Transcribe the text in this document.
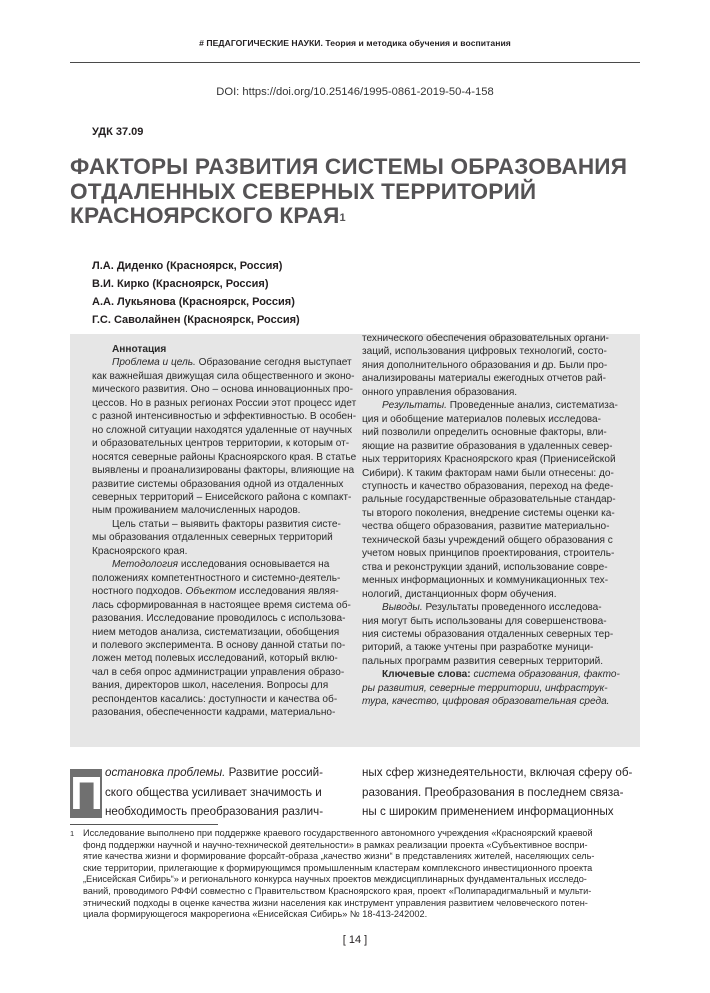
# ПЕДАГОГИЧЕСКИЕ НАУКИ. Теория и методика обучения и воспитания
DOI: https://doi.org/10.25146/1995-0861-2019-50-4-158
УДК 37.09
ФАКТОРЫ РАЗВИТИЯ СИСТЕМЫ ОБРАЗОВАНИЯ
ОТДАЛЕННЫХ СЕВЕРНЫХ ТЕРРИТОРИЙ
КРАСНОЯРСКОГО КРАЯ$^1$
Л.А. Диденко (Красноярск, Россия)
В.И. Кирко (Красноярск, Россия)
А.А. Лукьянова (Красноярск, Россия)
Г.С. Саволайнен (Красноярск, Россия)
Аннотация
Проблема и цель. Образование сегодня выступает
как важнейшая движущая сила общественного и эконо-
мического развития. Оно – основа инновационных про-
цессов. Но в разных регионах России этот процесс идет
с разной интенсивностью и эффективностью. В особен-
но сложной ситуации находятся удаленные от научных
и образовательных центров территории, к которым от-
носятся северные районы Красноярского края. В статье
выявлены и проанализированы факторы, влияющие на
развитие системы образования одной из отдаленных
северных территорий – Енисейского района с компакт-
ным проживанием малочисленных народов.
Цель статьи – выявить факторы развития систе-
мы образования отдаленных северных территорий
Красноярского края.
Методология исследования основывается на
положениях компетентностного и системно-деятель-
ностного подходов. Объектом исследования являя-
лась сформированная в настоящее время система об-
разования. Исследование проводилось с использова-
нием методов анализа, систематизации, обобщения
и полевого эксперимента. В основу данной статьи по-
ложен метод полевых исследований, который вклю-
чал в себя опрос администрации управления образо-
вания, директоров школ, населения. Вопросы для
респондентов касались: доступности и качества об-
разования, обеспеченности кадрами, материально-
технического обеспечения образовательных органи-
заций, использования цифровых технологий, состо-
яния дополнительного образования и др. Были про-
анализированы материалы ежегодных отчетов рай-
онного управления образования.
Результаты. Проведенные анализ, систематиза-
ция и обобщение материалов полевых исследова-
ний позволили определить основные факторы, вли-
яющие на развитие образования в удаленных север-
ных территориях Красноярского края (Приенисейской
Сибири). К таким факторам нами были отнесены: до-
ступность и качество образования, переход на феде-
ральные государственные образовательные стандар-
ты второго поколения, внедрение системы оценки ка-
чества общего образования, развитие материально-
технической базы учреждений общего образования с
учетом новых принципов проектирования, строитель-
ства и реконструкции зданий, использование совре-
менных информационных и коммуникационных тех-
нологий, дистанционных форм обучения.
Выводы. Результаты проведенного исследова-
ния могут быть использованы для совершенствова-
ния системы образования отдаленных северных тер-
риторий, а также учтены при разработке муници-
пальных программ развития северных территорий.
Ключевые слова: система образования, факто-
ры развития, северные территории, инфраструк-
тура, качество, цифровая образовательная среда.
П остановка проблемы. Развитие россий-
ского общества усиливает значимость и
необходимость преобразования различ-
ных сфер жизнедеятельности, включая сферу об-
разования. Преобразования в последнем связа-
ны с широким применением информационных
1 Исследование выполнено при поддержке краевого государственного автономного учреждения «Красноярский краевой
фонд поддержки научной и научно-технической деятельности» в рамках реализации проекта «Субъективное воспри-
ятие качества жизни и формирование форсайт-образа „качество жизни“ в представлениях жителей, населяющих сель-
ские территории, прилегающие к формирующимся промышленным кластерам комплексного инвестиционного проекта
„Енисейская Сибирь“» и регионального конкурса научных проектов междисциплинарных фундаментальных исследо-
ваний, проводимого РФФИ совместно с Правительством Красноярского края, проект «Полипарадигмальный и мульти-
этнический подходы в оценке качества жизни населения как инструмент управления развитием человеческого потен-
циала формирующегося макрорегиона «Енисейская Сибирь» № 18-413-242002.
[ 14 ]
